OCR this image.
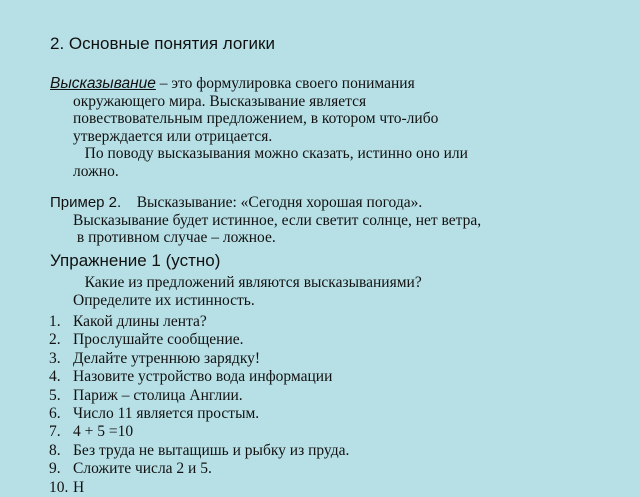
2. Основные понятия логики
Высказывание – это формулировка своего понимания
окружающего мира. Высказывание является
повествовательным предложением, в котором что-либо
утверждается или отрицается.
По поводу высказывания можно сказать, истинно оно или
ложно.
Пример 2.    Высказывание: «Сегодня хорошая погода».
Высказывание будет истинное, если светит солнце, нет ветра,
в противном случае – ложное.
Упражнение 1 (устно)
Какие из предложений являются высказываниями?
Определите их истинность.
1. Какой длины лента?
2. Прослушайте сообщение.
3. Делайте утреннюю зарядку!
4. Назовите устройство вода информации
5. Париж – столица Англии.
6. Число 11 является простым.
7. 4 + 5 =10
8. Без труда не вытащишь и рыбку из пруда.
9. Сложите числа 2 и 5.
10. Н
